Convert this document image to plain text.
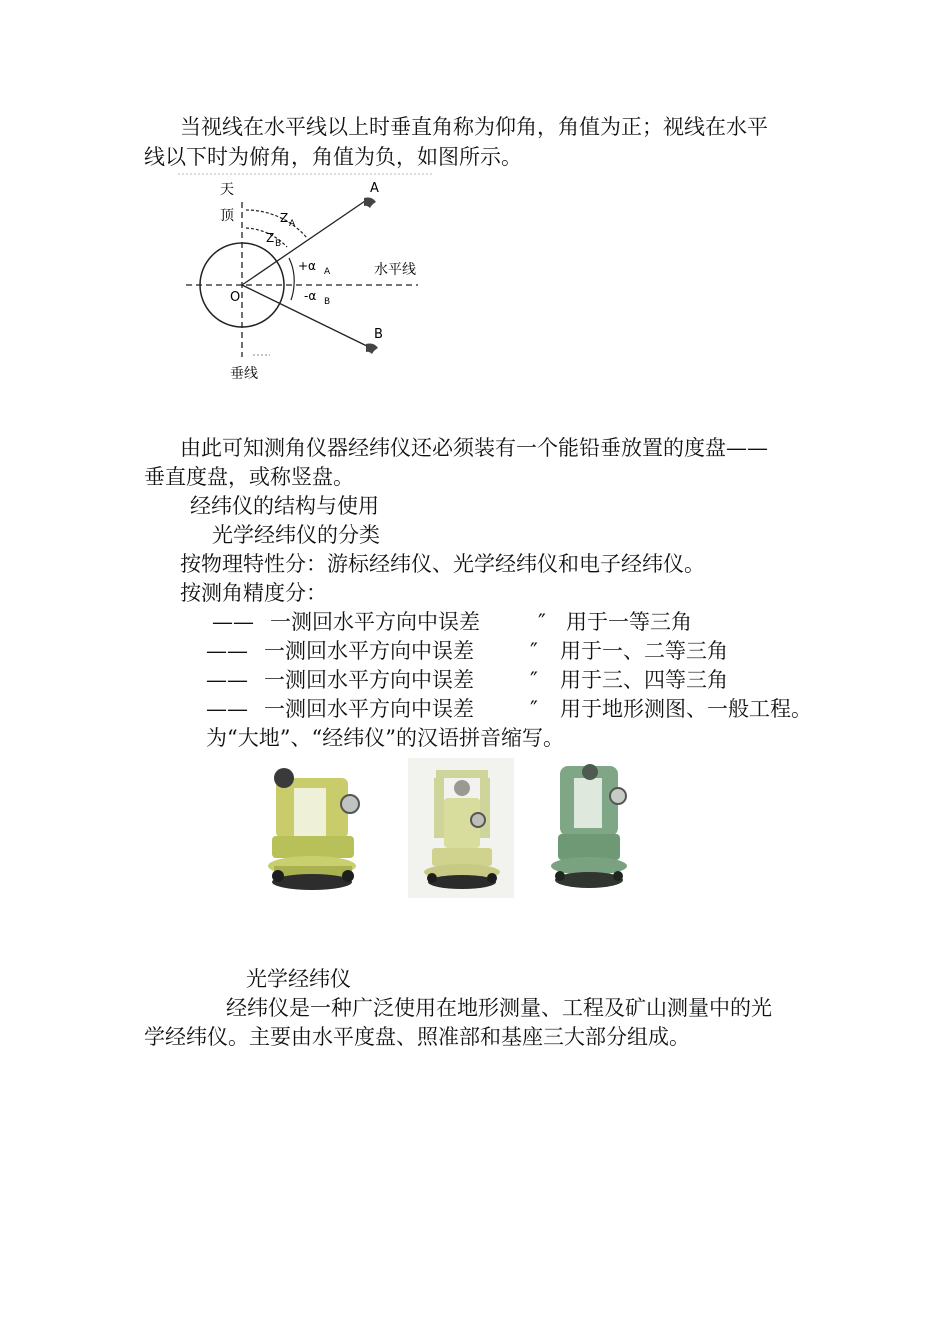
当视线在水平线以上时垂直角称为仰角，角值为正；视线在水平
线以下时为俯角，角值为负，如图所示。
天
顶
A
Z A
Z B
+α A	水平线
O	-α B
B
垂线
由此可知测角仪器经纬仪还必须装有一个能铅垂放置的度盘——
垂直度盘，或称竖盘。
经纬仪的结构与使用
光学经纬仪的分类
按物理特性分：游标经纬仪、光学经纬仪和电子经纬仪。
按测角精度分：
—— 一测回水平方向中误差	″ 用于一等三角
—— 一测回水平方向中误差	″ 用于一、二等三角
—— 一测回水平方向中误差	″ 用于三、四等三角
—— 一测回水平方向中误差	″ 用于地形测图、一般工程。
为“大地”、“经纬仪”的汉语拼音缩写。
光学经纬仪
经纬仪是一种广泛使用在地形测量、工程及矿山测量中的光
学经纬仪。主要由水平度盘、照准部和基座三大部分组成。
